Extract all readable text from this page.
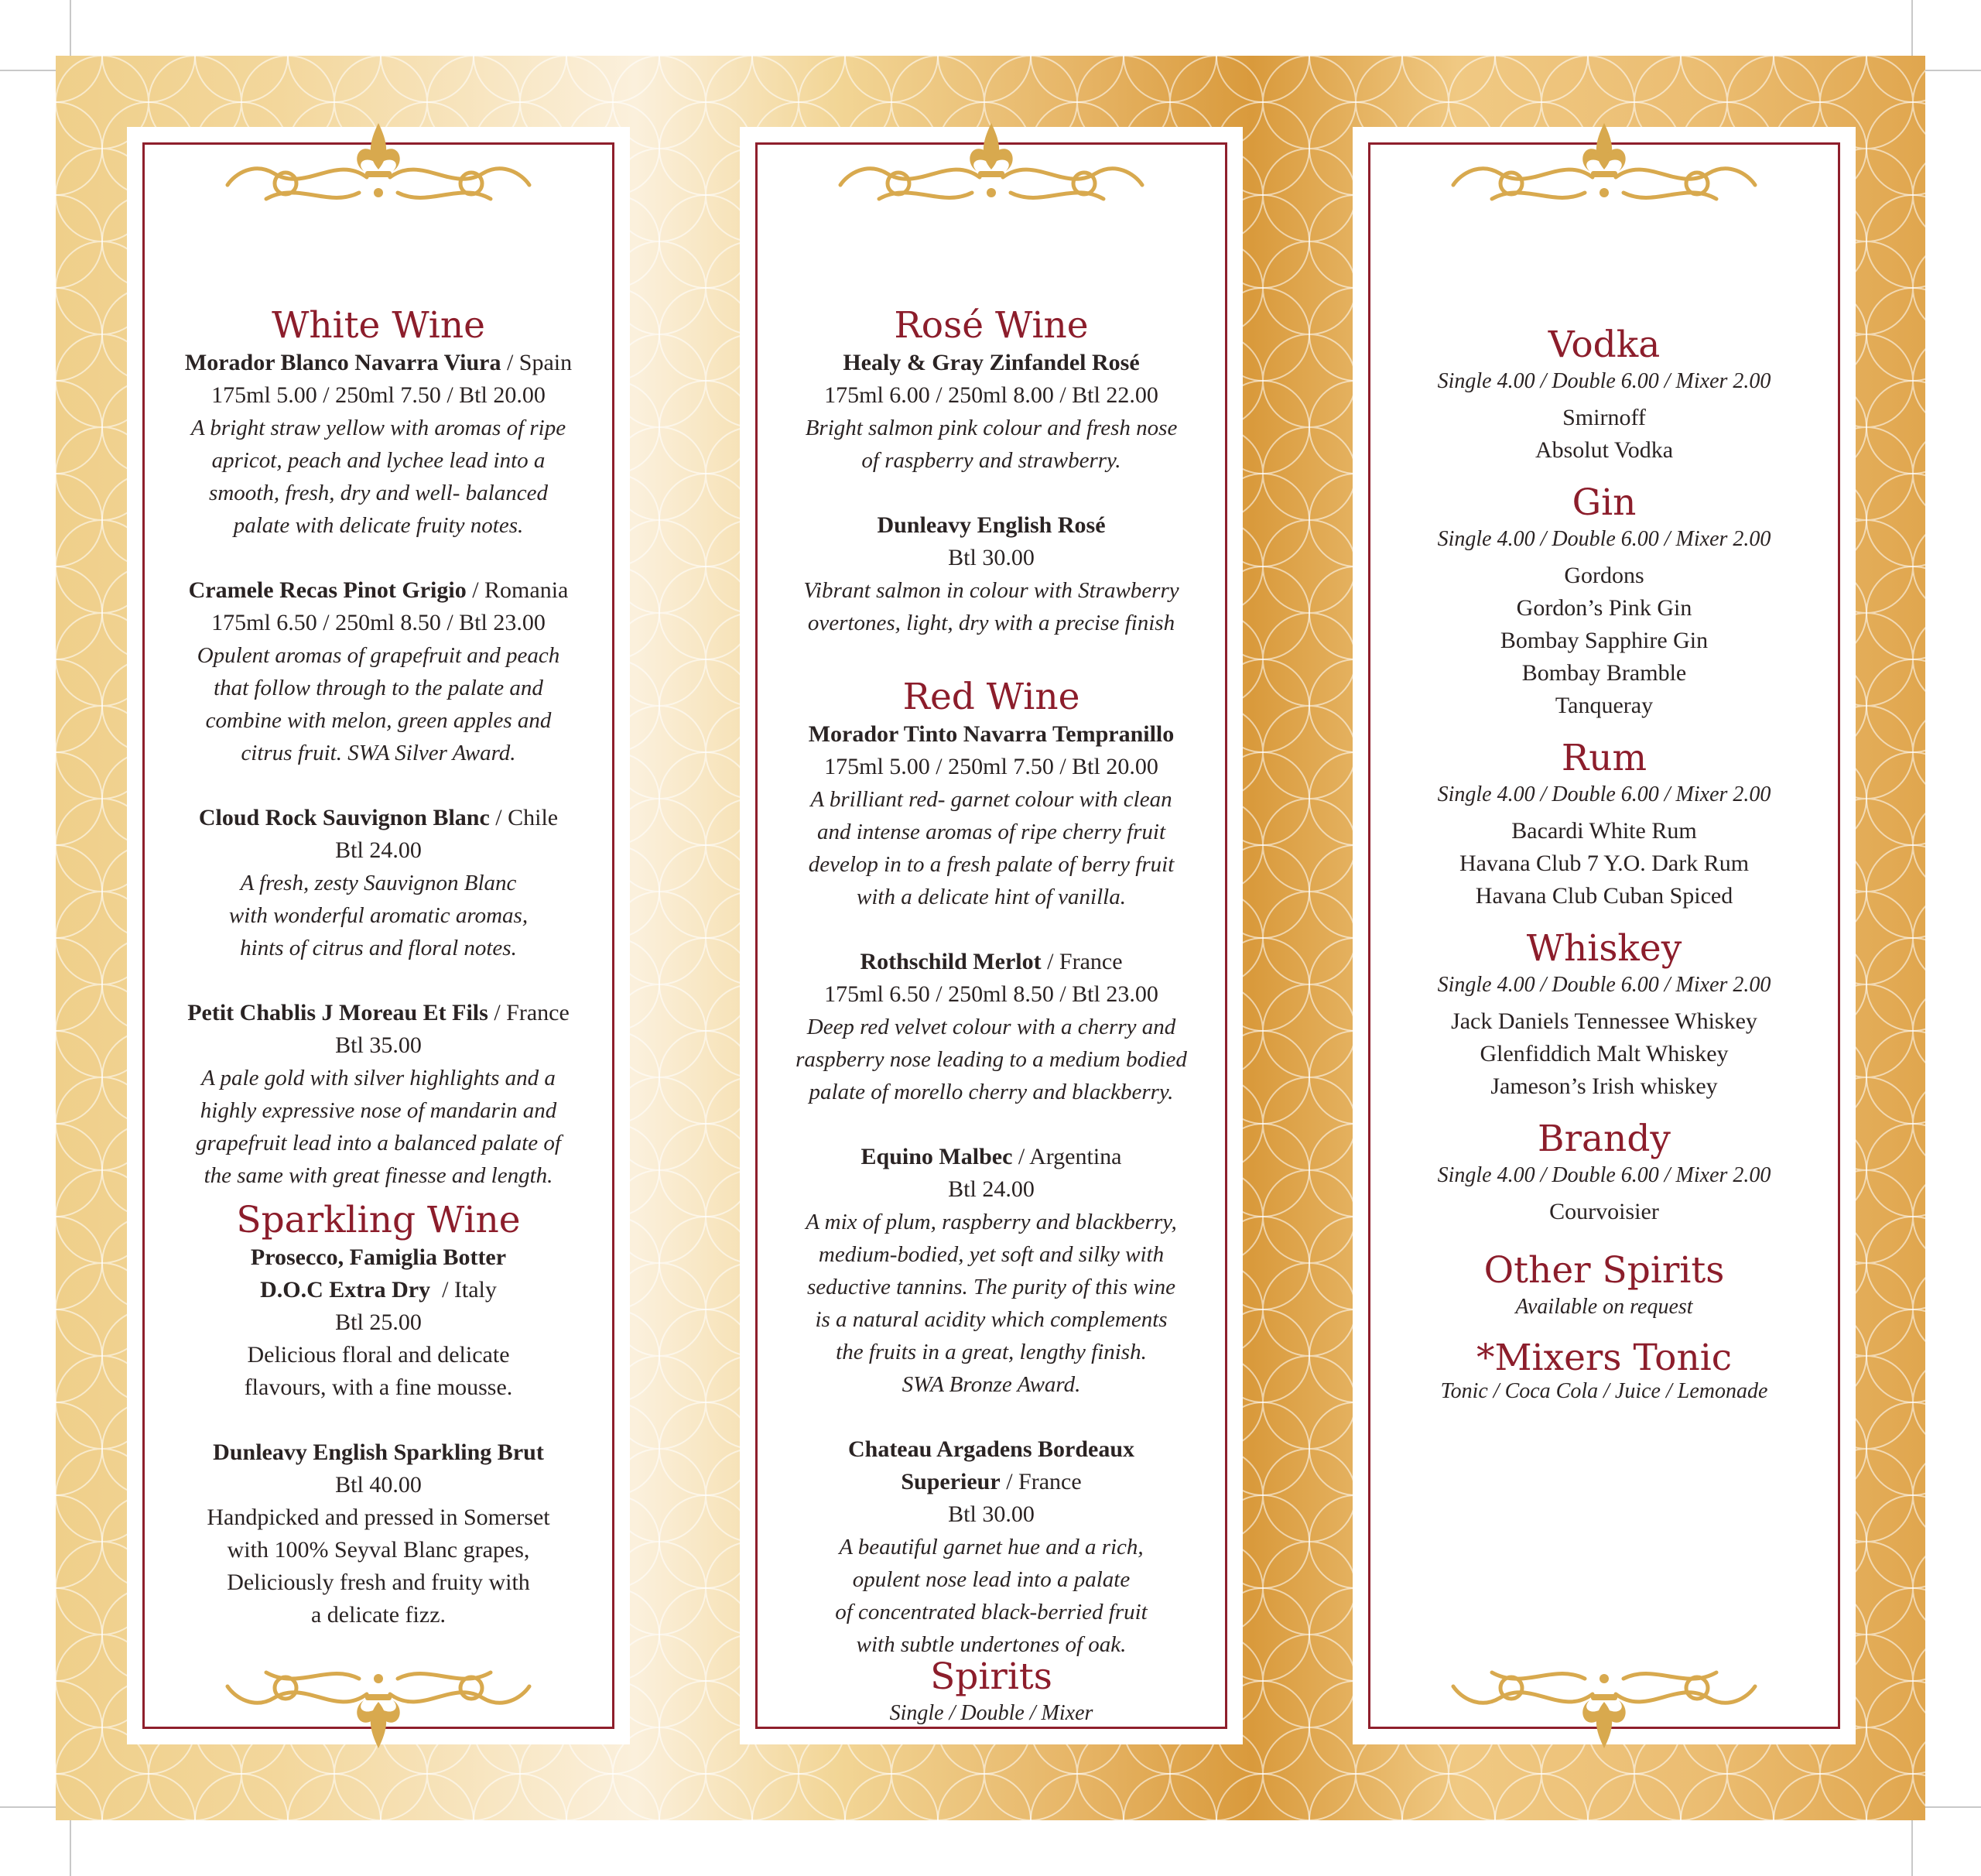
White Wine
Morador Blanco Navarra Viura / Spain
175ml 5.00 / 250ml 7.50 / Btl 20.00
A bright straw yellow with aromas of ripe
apricot, peach and lychee lead into a
smooth, fresh, dry and well- balanced
palate with delicate fruity notes.
Cramele Recas Pinot Grigio / Romania
175ml 6.50 / 250ml 8.50 / Btl 23.00
Opulent aromas of grapefruit and peach
that follow through to the palate and
combine with melon, green apples and
citrus fruit. SWA Silver Award.
Cloud Rock Sauvignon Blanc / Chile
Btl 24.00
A fresh, zesty Sauvignon Blanc
with wonderful aromatic aromas,
hints of citrus and floral notes.
Petit Chablis J Moreau Et Fils / France
Btl 35.00
A pale gold with silver highlights and a
highly expressive nose of mandarin and
grapefruit lead into a balanced palate of
the same with great finesse and length.
Sparkling Wine
Prosecco, Famiglia Botter
D.O.C Extra Dry  / Italy
Btl 25.00
Delicious floral and delicate
flavours, with a fine mousse.
Dunleavy English Sparkling Brut
Btl 40.00
Handpicked and pressed in Somerset
with 100% Seyval Blanc grapes,
Deliciously fresh and fruity with
a delicate fizz.
Rosé Wine
Healy & Gray Zinfandel Rosé
175ml 6.00 / 250ml 8.00 / Btl 22.00
Bright salmon pink colour and fresh nose
of raspberry and strawberry.
Dunleavy English Rosé
Btl 30.00
Vibrant salmon in colour with Strawberry
overtones, light, dry with a precise finish
Red Wine
Morador Tinto Navarra Tempranillo
175ml 5.00 / 250ml 7.50 / Btl 20.00
A brilliant red- garnet colour with clean
and intense aromas of ripe cherry fruit
develop in to a fresh palate of berry fruit
with a delicate hint of vanilla.
Rothschild Merlot / France
175ml 6.50 / 250ml 8.50 / Btl 23.00
Deep red velvet colour with a cherry and
raspberry nose leading to a medium bodied
palate of morello cherry and blackberry.
Equino Malbec / Argentina
Btl 24.00
A mix of plum, raspberry and blackberry,
medium-bodied, yet soft and silky with
seductive tannins. The purity of this wine
is a natural acidity which complements
the fruits in a great, lengthy finish.
SWA Bronze Award.
Chateau Argadens Bordeaux
Superieur / France
Btl 30.00
A beautiful garnet hue and a rich,
opulent nose lead into a palate
of concentrated black-berried fruit
with subtle undertones of oak.
Spirits
Single / Double / Mixer
Vodka
Single 4.00 / Double 6.00 / Mixer 2.00
Smirnoff
Absolut Vodka
Gin
Single 4.00 / Double 6.00 / Mixer 2.00
Gordons
Gordon’s Pink Gin
Bombay Sapphire Gin
Bombay Bramble
Tanqueray
Rum
Single 4.00 / Double 6.00 / Mixer 2.00
Bacardi White Rum
Havana Club 7 Y.O. Dark Rum
Havana Club Cuban Spiced
Whiskey
Single 4.00 / Double 6.00 / Mixer 2.00
Jack Daniels Tennessee Whiskey
Glenfiddich Malt Whiskey
Jameson’s Irish whiskey
Brandy
Single 4.00 / Double 6.00 / Mixer 2.00
Courvoisier
Other Spirits
Available on request
*Mixers Tonic
Tonic / Coca Cola / Juice / Lemonade
